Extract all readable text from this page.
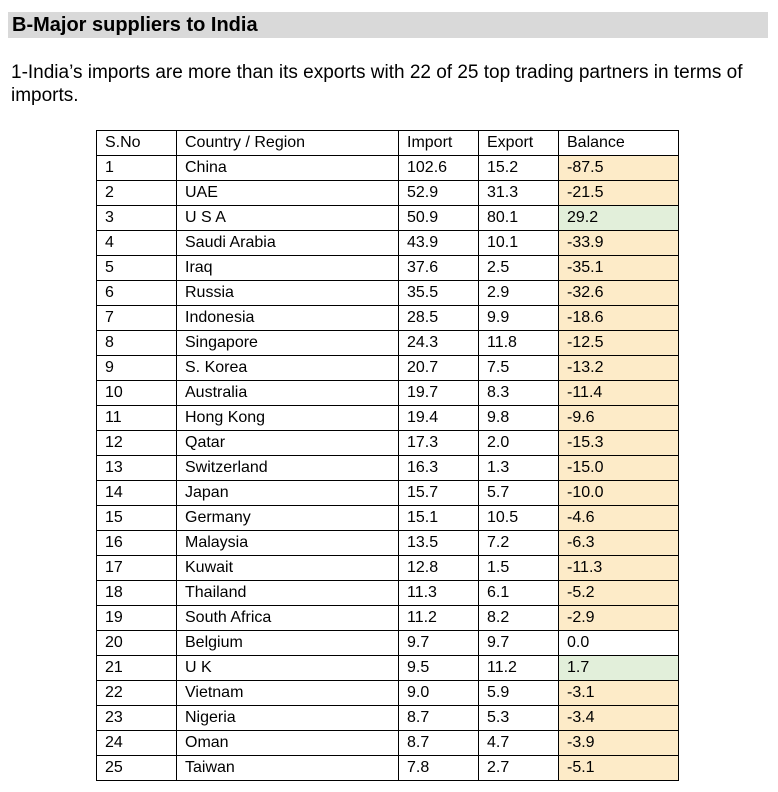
B-Major suppliers to India
1-India’s imports are more than its exports with 22 of 25 top trading partners in terms of imports.
S.No	Country / Region	Import	Export	Balance
1	China	102.6	15.2	-87.5
2	UAE	52.9	31.3	-21.5
3	U S A	50.9	80.1	29.2
4	Saudi Arabia	43.9	10.1	-33.9
5	Iraq	37.6	2.5	-35.1
6	Russia	35.5	2.9	-32.6
7	Indonesia	28.5	9.9	-18.6
8	Singapore	24.3	11.8	-12.5
9	S. Korea	20.7	7.5	-13.2
10	Australia	19.7	8.3	-11.4
11	Hong Kong	19.4	9.8	-9.6
12	Qatar	17.3	2.0	-15.3
13	Switzerland	16.3	1.3	-15.0
14	Japan	15.7	5.7	-10.0
15	Germany	15.1	10.5	-4.6
16	Malaysia	13.5	7.2	-6.3
17	Kuwait	12.8	1.5	-11.3
18	Thailand	11.3	6.1	-5.2
19	South Africa	11.2	8.2	-2.9
20	Belgium	9.7	9.7	0.0
21	U K	9.5	11.2	1.7
22	Vietnam	9.0	5.9	-3.1
23	Nigeria	8.7	5.3	-3.4
24	Oman	8.7	4.7	-3.9
25	Taiwan	7.8	2.7	-5.1
